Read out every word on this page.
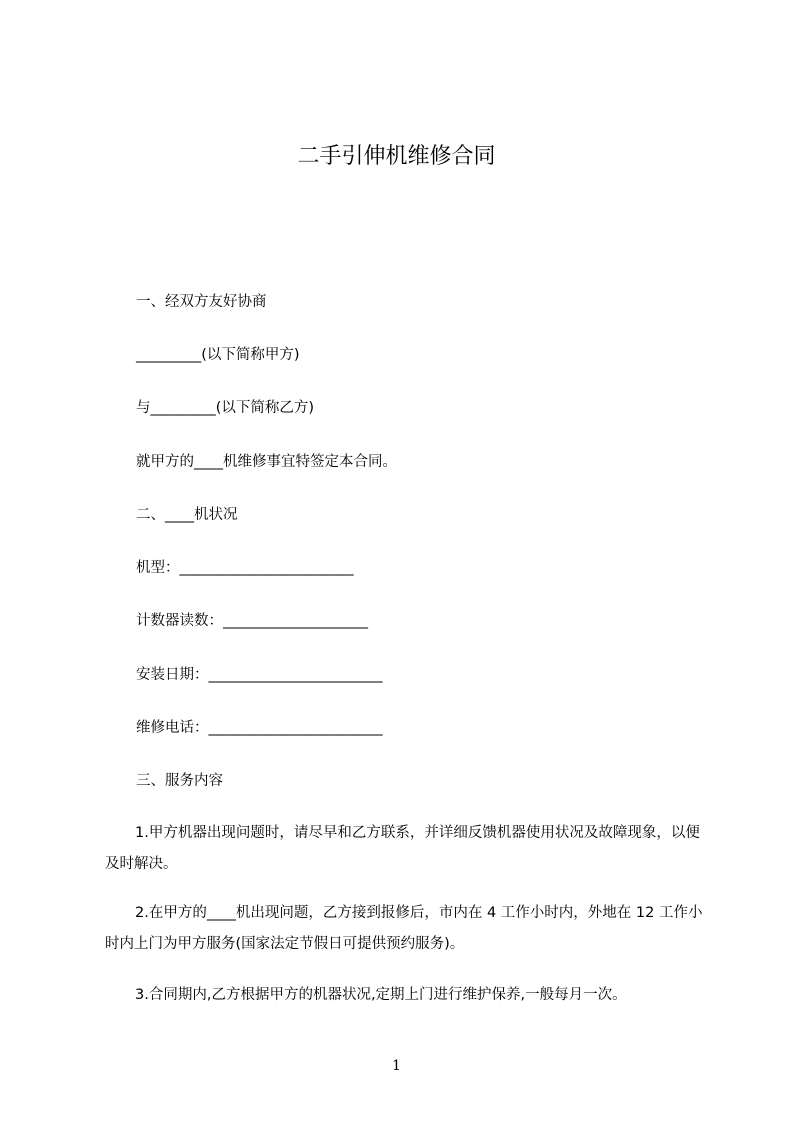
二手引伸机维修合同
一、经双方友好协商
_________(以下简称甲方)
与_________(以下简称乙方)
就甲方的____机维修事宜特签定本合同。
二、____机状况
机型：________________________
计数器读数：____________________
安装日期：________________________
维修电话：________________________
三、服务内容
1.甲方机器出现问题时，请尽早和乙方联系，并详细反馈机器使用状况及故障现象，以便及时解决。
2.在甲方的____机出现问题，乙方接到报修后，市内在 4 工作小时内，外地在 12 工作小时内上门为甲方服务(国家法定节假日可提供预约服务)。
3.合同期内,乙方根据甲方的机器状况,定期上门进行维护保养,一般每月一次。
1
